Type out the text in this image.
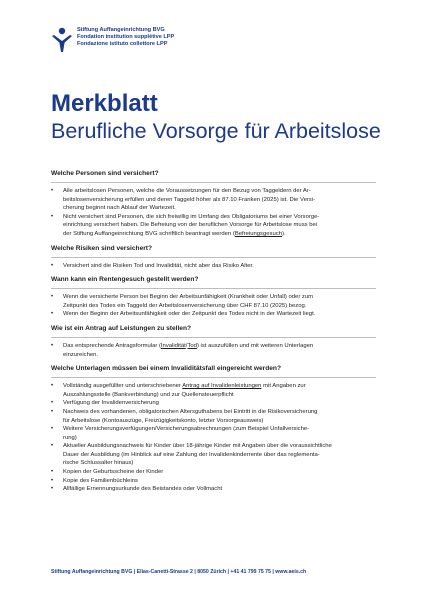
Stiftung Auffangeinrichtung BVG
Fondation institution supplétive LPP
Fondazione istituto collettore LPP
Merkblatt
Berufliche Vorsorge für Arbeitslose
Welche Personen sind versichert?
• Alle arbeitslosen Personen, welche die Voraussetzungen für den Bezug von Taggeldern der Ar-
beitslosenversicherung erfüllen und deren Taggeld höher als 87.10 Franken (2025) ist. Die Versi-
cherung beginnt nach Ablauf der Wartezeit.
• Nicht versichert sind Personen, die sich freiwillig im Umfang des Obligatoriums bei einer Vorsorge-
einrichtung versichert haben. Die Befreiung von der beruflichen Vorsorge für Arbeitslose muss bei
der Stiftung Auffangeinrichtung BVG schriftlich beantragt werden (Befreiungsgesuch).
Welche Risiken sind versichert?
• Versichert sind die Risiken Tod und Invalidität, nicht aber das Risiko Alter.
Wann kann ein Rentengesuch gestellt werden?
• Wenn die versicherte Person bei Beginn der Arbeitsunfähigkeit (Krankheit oder Unfall) oder zum
Zeitpunkt des Todes ein Taggeld der Arbeitslosenversicherung über CHF 87.10 (2025) bezog.
• Wenn der Beginn der Arbeitsunfähigkeit oder der Zeitpunkt des Todes nicht in der Wartezeit liegt.
Wie ist ein Antrag auf Leistungen zu stellen?
• Das entsprechende Antragsformular (Invalidität/Tod) ist auszufüllen und mit weiteren Unterlagen
einzureichen.
Welche Unterlagen müssen bei einem Invaliditätsfall eingereicht werden?
• Vollständig ausgefüllter und unterschriebener Antrag auf Invalidenleistungen mit Angaben zur
Auszahlungsstelle (Bankverbindung) und zur Quellensteuerpflicht
• Verfügung der Invalidenversicherung
• Nachweis des vorhandenen, obligatorischen Altersguthabens bei Eintritt in die Risikoversicherung
für Arbeitslose (Kontoauszüge, Freizügigkeitskonto, letzter Vorsorgeausweis)
• Weitere Versicherungsverfügungen/Versicherungsabrechnungen (zum Beispiel Unfallversiche-
rung)
• Aktueller Ausbildungsnachweis für Kinder über 18-jährige Kinder mit Angaben über die voraussichtliche
Dauer der Ausbildung (im Hinblick auf eine Zahlung der Invalidenkinderrente über das reglementa-
rische Schlussalter hinaus)
• Kopien der Geburtsscheine der Kinder
• Kopie des Familienbüchleins
• Allfällige Ernennungsurkunde des Beistandes oder Vollmacht
Stiftung Auffangeinrichtung BVG | Elias-Canetti-Strasse 2 | 8050 Zürich | +41 41 799 75 75 | www.aeis.ch
